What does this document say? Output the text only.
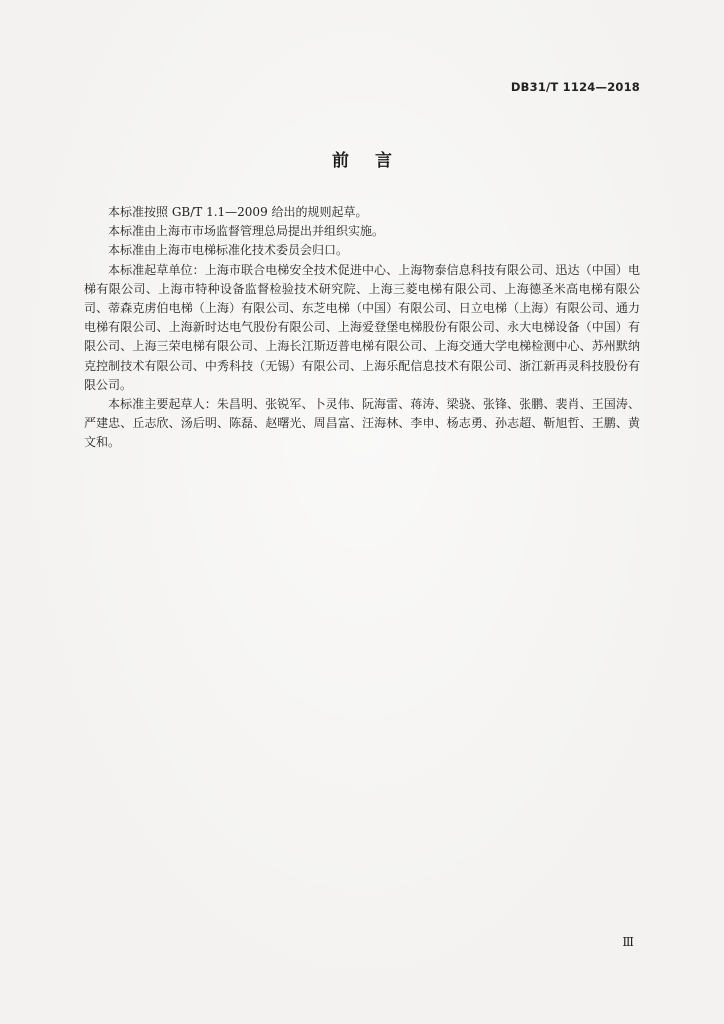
DB31/T 1124—2018
前言

本标准按照 GB/T 1.1—2009 给出的规则起草。

本标准由上海市市场监督管理总局提出并组织实施。

本标准由上海市电梯标准化技术委员会归口。

本标准起草单位：上海市联合电梯安全技术促进中心、上海物泰信息科技有限公司、迅达（中国）电梯有限公司、上海市特种设备监督检验技术研究院、上海三菱电梯有限公司、上海德圣米高电梯有限公司、蒂森克虏伯电梯（上海）有限公司、东芝电梯（中国）有限公司、日立电梯（上海）有限公司、通力电梯有限公司、上海新时达电气股份有限公司、上海爱登堡电梯股份有限公司、永大电梯设备（中国）有限公司、上海三荣电梯有限公司、上海长江斯迈普电梯有限公司、上海交通大学电梯检测中心、苏州默纳克控制技术有限公司、中秀科技（无锡）有限公司、上海乐配信息技术有限公司、浙江新再灵科技股份有限公司。

本标准主要起草人：朱昌明、张锐军、卜灵伟、阮海雷、蒋涛、梁骁、张锋、张鹏、裴肖、王国涛、严建忠、丘志欣、汤后明、陈磊、赵曙光、周昌富、汪海林、李申、杨志勇、孙志超、靳旭哲、王鹏、黄文和。

Ⅲ
